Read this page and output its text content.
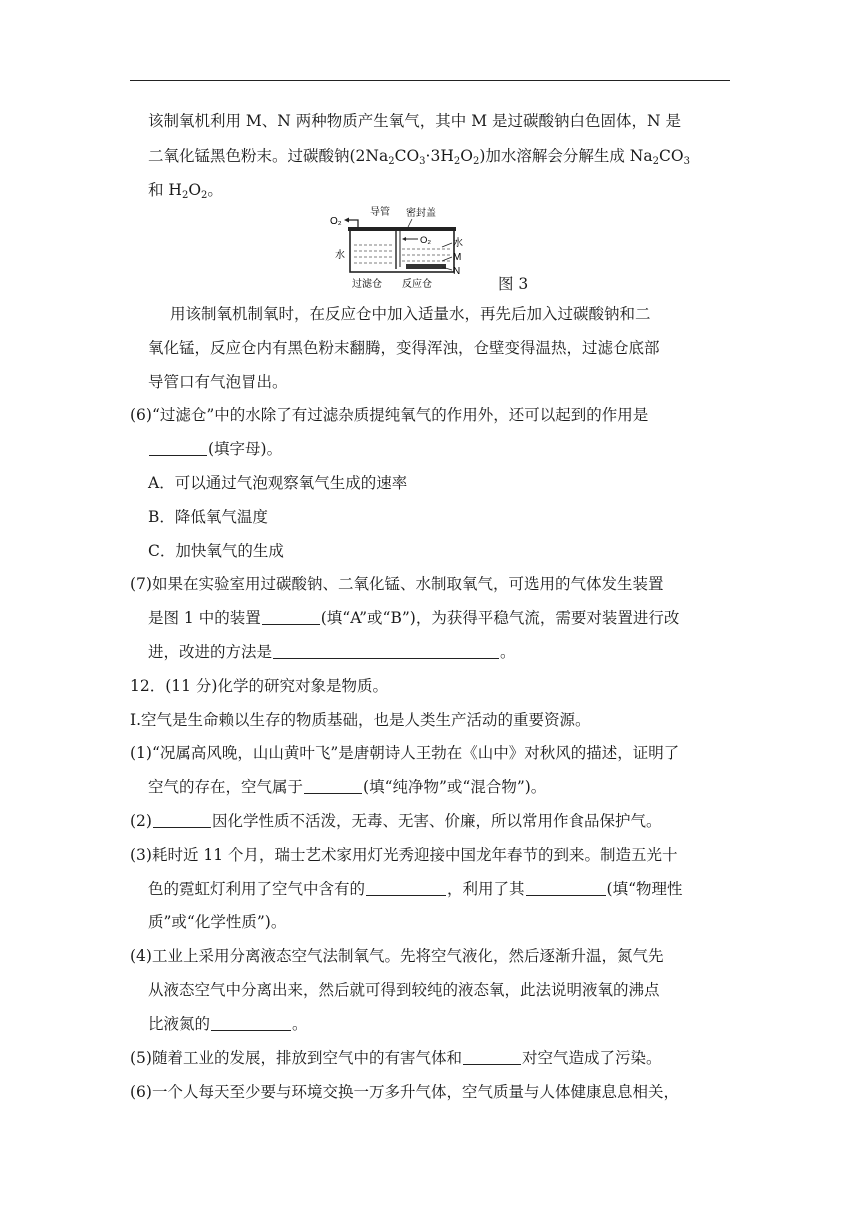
该制氧机利用 M、N 两种物质产生氧气，其中 M 是过碳酸钠白色固体，N 是
二氧化锰黑色粉末。过碳酸钠$(2Na_2CO_3\cdot 3H_2O_2)$加水溶解会分解生成 $Na_2CO_3$
和 $H_2O_2$。
O₂
导管 密封盖
O₂
水
水
M
N
过滤仓 反应仓	图 3
用该制氧机制氧时，在反应仓中加入适量水，再先后加入过碳酸钠和二
氧化锰，反应仓内有黑色粉末翻腾，变得浑浊，仓壁变得温热，过滤仓底部
导管口有气泡冒出。
(6)“过滤仓”中的水除了有过滤杂质提纯氧气的作用外，还可以起到的作用是
(填字母)。
A．可以通过气泡观察氧气生成的速率
B．降低氧气温度
C．加快氧气的生成
(7)如果在实验室用过碳酸钠、二氧化锰、水制取氧气，可选用的气体发生装置
是图 1 中的装置	(填“A”或“B”)，为获得平稳气流，需要对装置进行改
进，改进的方法是	。
12．(11 分)化学的研究对象是物质。
Ⅰ.空气是生命赖以生存的物质基础，也是人类生产活动的重要资源。
(1)“况属高风晚，山山黄叶飞”是唐朝诗人王勃在《山中》对秋风的描述，证明了
空气的存在，空气属于	(填“纯净物”或“混合物”)。
(2)	因化学性质不活泼，无毒、无害、价廉，所以常用作食品保护气。
(3)耗时近 11 个月，瑞士艺术家用灯光秀迎接中国龙年春节的到来。制造五光十
色的霓虹灯利用了空气中含有的	，利用了其	(填“物理性
质”或“化学性质”)。
(4)工业上采用分离液态空气法制氧气。先将空气液化，然后逐渐升温，氮气先
从液态空气中分离出来，然后就可得到较纯的液态氧，此法说明液氧的沸点
比液氮的	。
(5)随着工业的发展，排放到空气中的有害气体和	对空气造成了污染。
(6)一个人每天至少要与环境交换一万多升气体，空气质量与人体健康息息相关，
